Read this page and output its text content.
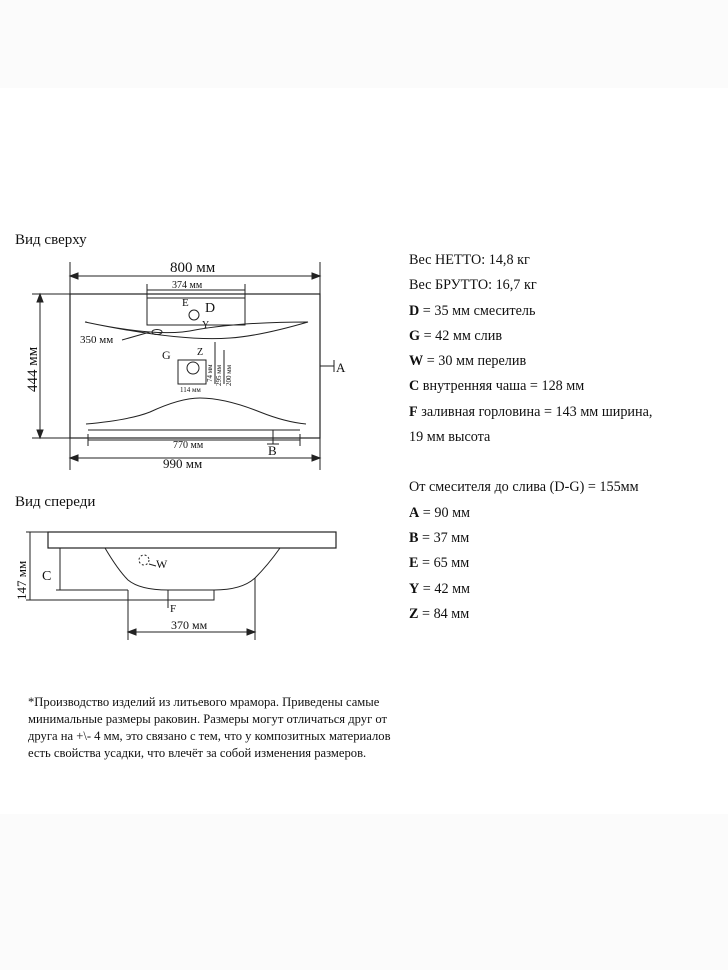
Вид сверху
800 мм
374 мм
E D
Y
350 мм
G	Z
A
74 мм 295 мм 200 мм
114 мм
444 мм
770 мм	B
990 мм
Вид спереди
147 мм C
W
F
370 мм
Вес НЕТТО: 14,8 кг
Вес БРУТТО: 16,7 кг
D = 35 мм смеситель
G = 42 мм слив
W = 30 мм перелив
C внутренняя чаша = 128 мм
F заливная горловина = 143 мм ширина,
19 мм высота
От смесителя до слива (D-G) = 155мм
A = 90 мм
B = 37 мм
E = 65 мм
Y = 42 мм
Z = 84 мм
*Производство изделий из литьевого мрамора. Приведены самые минимальные размеры раковин. Размеры могут отличаться друг от друга на +\- 4 мм, это связано с тем, что у композитных материалов есть свойства усадки, что влечёт за собой изменения размеров.
